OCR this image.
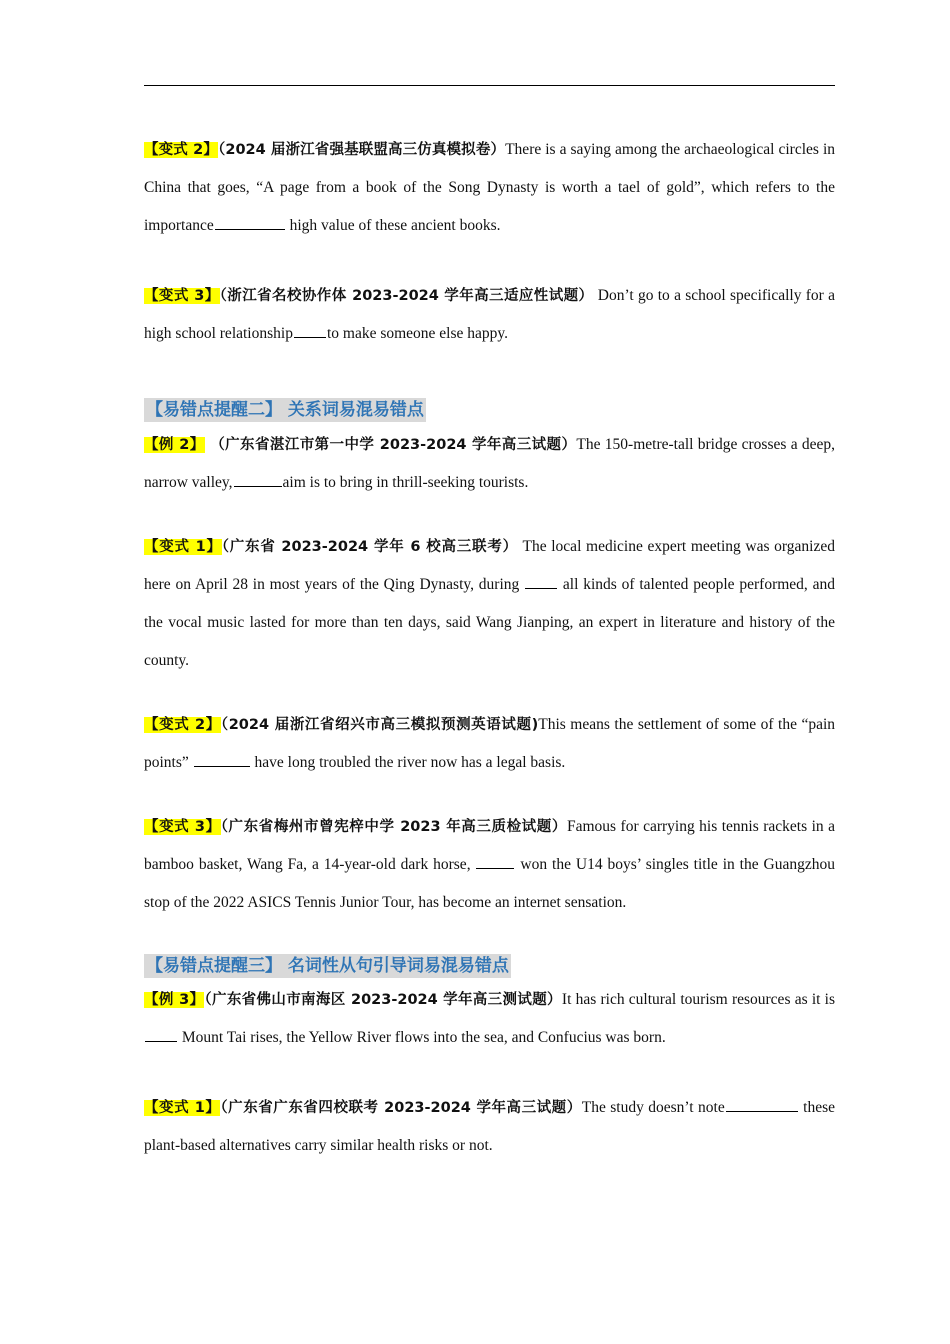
【变式 2】（2024 届浙江省强基联盟高三仿真模拟卷）There is a saying among the archaeological circles in China that goes, “A page from a book of the Song Dynasty is worth a tael of gold”, which refers to the importance	high value of these ancient books.
【变式 3】（浙江省名校协作体 2023-2024 学年高三适应性试题） Don’t go to a school specifically for a high school relationship to make someone else happy.
【易错点提醒二】 关系词易混易错点
【例 2】 （广东省湛江市第一中学 2023-2024 学年高三试题）The 150-metre-tall bridge crosses a deep, narrow valley,	aim is to bring in thrill-seeking tourists.
【变式 1】（广东省 2023-2024 学年 6 校高三联考） The local medicine expert meeting was organized here on April 28 in most years of the Qing Dynasty, during  all kinds of talented people performed, and the vocal music lasted for more than ten days, said Wang Jianping, an expert in literature and history of the county.
【变式 2】（2024 届浙江省绍兴市高三模拟预测英语试题)This means the settlement of some of the “pain points”	have long troubled the river now has a legal basis.
【变式 3】（广东省梅州市曾宪梓中学 2023 年高三质检试题）Famous for carrying his tennis rackets in a bamboo basket, Wang Fa, a 14-year-old dark horse,	won the U14 boys’ singles title in the Guangzhou stop of the 2022 ASICS Tennis Junior Tour, has become an internet sensation.
【易错点提醒三】 名词性从句引导词易混易错点
【例 3】（广东省佛山市南海区 2023-2024 学年高三测试题）It has rich cultural tourism resources as it is  Mount Tai rises, the Yellow River flows into the sea, and Confucius was born.
【变式 1】（广东省广东省四校联考 2023-2024 学年高三试题）The study doesn’t note	these plant-based alternatives carry similar health risks or not.
